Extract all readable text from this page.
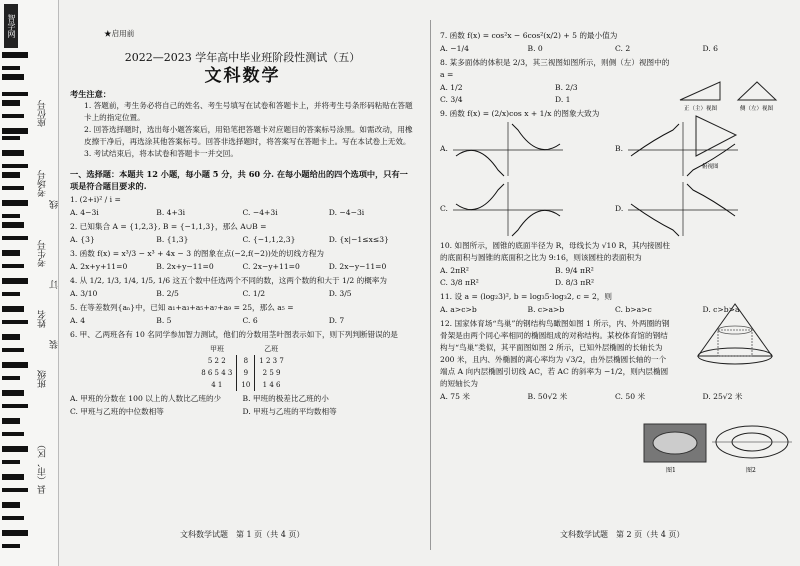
智学网
座位号
考场号
考生号
姓名
班级
县（市、区）
线
订
装
★启用前
2022—2023 学年高中毕业班阶段性测试（五）
文科数学
考生注意：
1. 答题前，考生务必将自己的姓名、考生号填写在试卷和答题卡上，并将考生号条形码粘贴在答题卡上的指定位置。
2. 回答选择题时，选出每小题答案后，用铅笔把答题卡对应题目的答案标号涂黑。如需改动，用橡皮擦干净后，再选涂其他答案标号。回答非选择题时，将答案写在答题卡上。写在本试卷上无效。
3. 考试结束后，将本试卷和答题卡一并交回。
一、选择题：本题共 12 小题，每小题 5 分，共 60 分. 在每小题给出的四个选项中，只有一项是符合题目要求的.
1. (2+i)² / i =
A. 4−3i	B. 4+3i	C. −4+3i	D. −4−3i
2. 已知集合 A = {1,2,3}, B = {−1,1,3}，那么 A∪B =
A. {3}	B. {1,3}	C. {−1,1,2,3}	D. {x|−1≤x≤3}
3. 函数 f(x) = x³/3 − x³ + 4x − 3 的图象在点(−2,f(−2))处的切线方程为
A. 2x+y+11=0	B. 2x+y−11=0	C. 2x−y+11=0	D. 2x−y−11=0
4. 从 1/2, 1/3, 1/4, 1/5, 1/6 这五个数中任选两个不同的数，这两个数的和大于 1/2 的概率为
A. 3/10	B. 2/5	C. 1/2	D. 3/5
5. 在等差数列{aₙ}中，已知 a₁+a₃+a₅+a₇+a₉ = 25，那么 a₅ =
A. 4	B. 5	C. 6	D. 7
6. 甲、乙两班各有 10 名同学参加智力测试，他们的分数用茎叶图表示如下，则下列判断错误的是
甲班		乙班
5 2 2	8	1 2 3 7
8 6 5 4 3	9	2 5 9
4 1	10	1 4 6
A. 甲班的分数在 100 以上的人数比乙班的少	B. 甲班的极差比乙班的小
C. 甲班与乙班的中位数相等	D. 甲班与乙班的平均数相等
7. 函数 f(x) = cos²x − 6cos²(x/2) + 5 的最小值为
A. −1/4	B. 0	C. 2	D. 6
8. 某多面体的体积是 2/3，其三视图如图所示，则侧（左）视图中的 a =
A. 1/2	B. 2/3
C. 3/4	D. 1
9. 函数 f(x) = (2/x)cos x + 1/x 的图象大致为
A.	B.
C.	D.
10. 如图所示，圆锥的底面半径为 R，母线长为 √10 R，其内接圆柱的底面积与圆锥的底面积之比为 9:16，则该圆柱的表面积为
A. 2πR²	B. 9/4 πR²
C. 3/8 πR²	D. 8/3 πR²
11. 设 a = (log₂3)², b = log₃5·log₃2, c = 2，则
A. a>c>b	B. c>a>b	C. b>a>c	D. c>b>a
12. 国家体育场“鸟巢”的钢结构鸟瞰图如图 1 所示，内、外两圈的钢骨架是由两个同心率相同的椭圆组成的对称结构。某校体育馆的钢结构与“鸟巢”类似，其平面图如图 2 所示，已知外层椭圆的长轴长为 200 米，且内、外椭圆的离心率均为 √3/2，由外层椭圆长轴的一个端点 A 向内层椭圆引切线 AC，若 AC 的斜率为 −1/2，则内层椭圆的短轴长为
A. 75 米	B. 50√2 米	C. 50 米	D. 25√2 米
正（主）视图	侧（左）视图
俯视图
图1	图2
文科数学试题　第 1 页（共 4 页）	文科数学试题　第 2 页（共 4 页）
